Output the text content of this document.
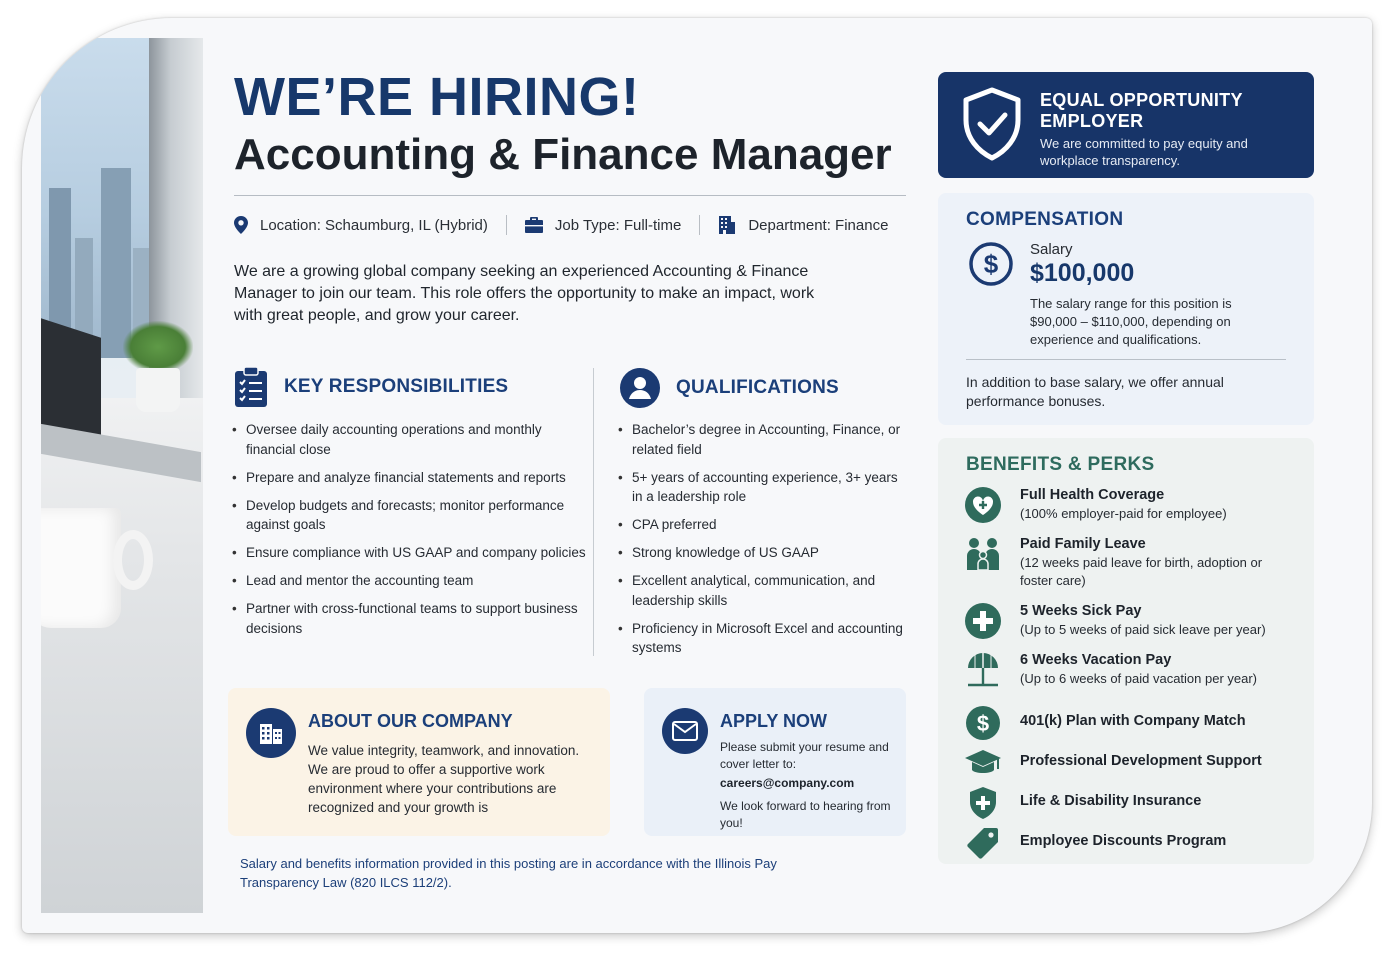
WE’RE HIRING!
Accounting & Finance Manager
Location: Schaumburg, IL (Hybrid)	Job Type: Full-time	Department: Finance
We are a growing global company seeking an experienced Accounting & Finance Manager to join our team. This role offers the opportunity to make an impact, work with great people, and grow your career.
KEY RESPONSIBILITIES
• Oversee daily accounting operations and monthly financial close
• Prepare and analyze financial statements and reports
• Develop budgets and forecasts; monitor performance against goals
• Ensure compliance with US GAAP and company policies
• Lead and mentor the accounting team
• Partner with cross-functional teams to support business decisions
QUALIFICATIONS
• Bachelor’s degree in Accounting, Finance, or related field
• 5+ years of accounting experience, 3+ years in a leadership role
• CPA preferred
• Strong knowledge of US GAAP
• Excellent analytical, communication, and leadership skills
• Proficiency in Microsoft Excel and accounting systems
ABOUT OUR COMPANY
We value integrity, teamwork, and innovation. We are proud to offer a supportive work environment where your contributions are recognized and your growth is
APPLY NOW
Please submit your resume and cover letter to:
careers@company.com
We look forward to hearing from you!
Salary and benefits information provided in this posting are in accordance with the Illinois Pay Transparency Law (820 ILCS 112/2).
EQUAL OPPORTUNITY EMPLOYER
We are committed to pay equity and workplace transparency.
COMPENSATION
$ Salary
$100,000
The salary range for this position is $90,000 – $110,000, depending on experience and qualifications.
In addition to base salary, we offer annual performance bonuses.
BENEFITS & PERKS
Full Health Coverage
(100% employer-paid for employee)
Paid Family Leave
(12 weeks paid leave for birth, adoption or foster care)
5 Weeks Sick Pay
(Up to 5 weeks of paid sick leave per year)
6 Weeks Vacation Pay
(Up to 6 weeks of paid vacation per year)
$ 401(k) Plan with Company Match
Professional Development Support
Life & Disability Insurance
Employee Discounts Program
